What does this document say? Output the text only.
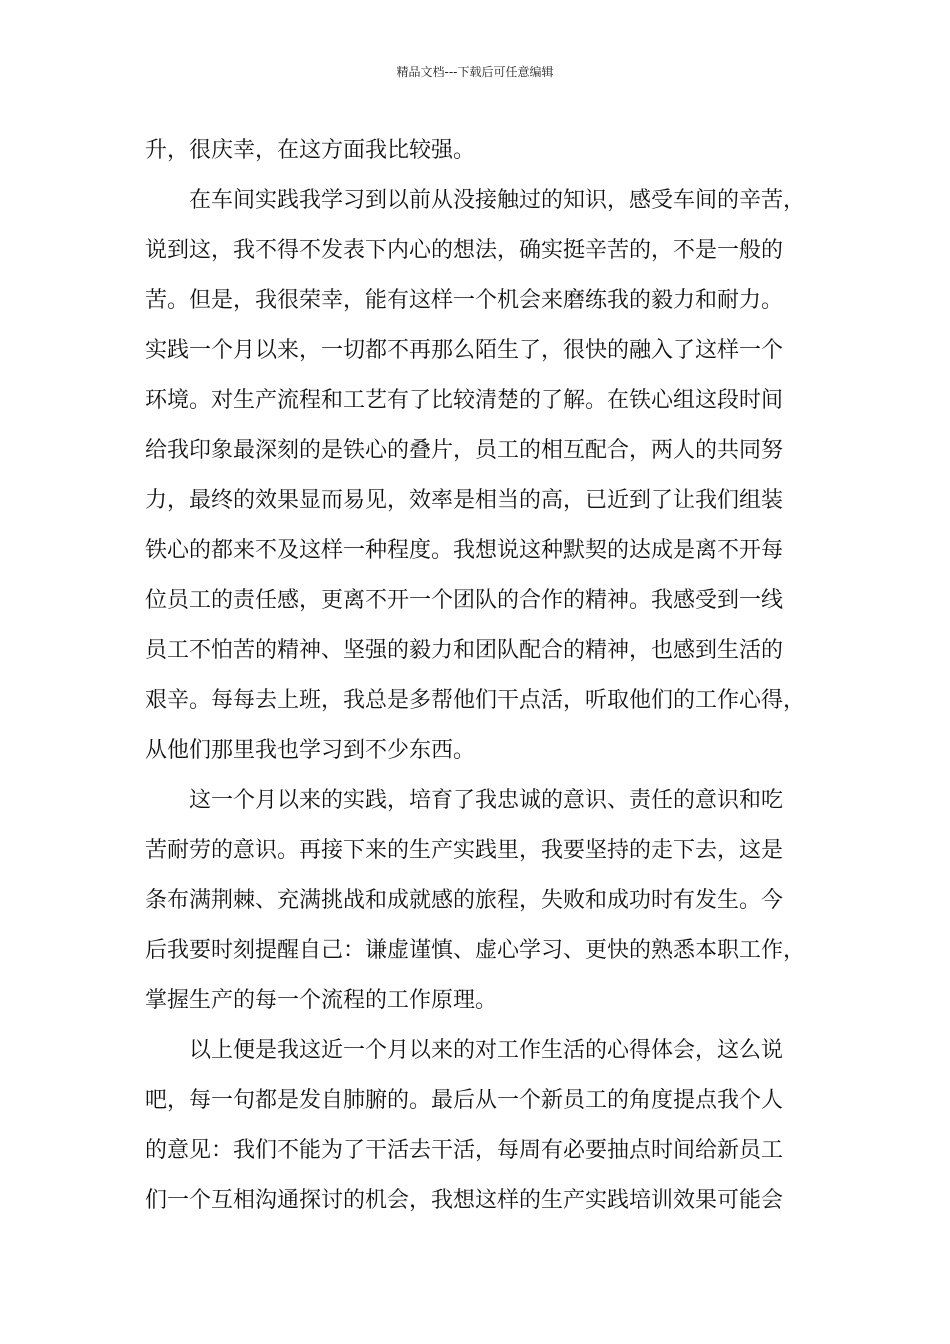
精品文档---下载后可任意编辑
升，很庆幸，在这方面我比较强。
在车间实践我学习到以前从没接触过的知识，感受车间的辛苦，
说到这，我不得不发表下内心的想法，确实挺辛苦的，不是一般的
苦。但是，我很荣幸，能有这样一个机会来磨练我的毅力和耐力。
实践一个月以来，一切都不再那么陌生了，很快的融入了这样一个
环境。对生产流程和工艺有了比较清楚的了解。在铁心组这段时间
给我印象最深刻的是铁心的叠片，员工的相互配合，两人的共同努
力，最终的效果显而易见，效率是相当的高，已近到了让我们组装
铁心的都来不及这样一种程度。我想说这种默契的达成是离不开每
位员工的责任感，更离不开一个团队的合作的精神。我感受到一线
员工不怕苦的精神、坚强的毅力和团队配合的精神，也感到生活的
艰辛。每每去上班，我总是多帮他们干点活，听取他们的工作心得，
从他们那里我也学习到不少东西。
这一个月以来的实践，培育了我忠诚的意识、责任的意识和吃
苦耐劳的意识。再接下来的生产实践里，我要坚持的走下去，这是
条布满荆棘、充满挑战和成就感的旅程，失败和成功时有发生。今
后我要时刻提醒自己：谦虚谨慎、虚心学习、更快的熟悉本职工作，
掌握生产的每一个流程的工作原理。
以上便是我这近一个月以来的对工作生活的心得体会，这么说
吧，每一句都是发自肺腑的。最后从一个新员工的角度提点我个人
的意见：我们不能为了干活去干活，每周有必要抽点时间给新员工
们一个互相沟通探讨的机会，我想这样的生产实践培训效果可能会
